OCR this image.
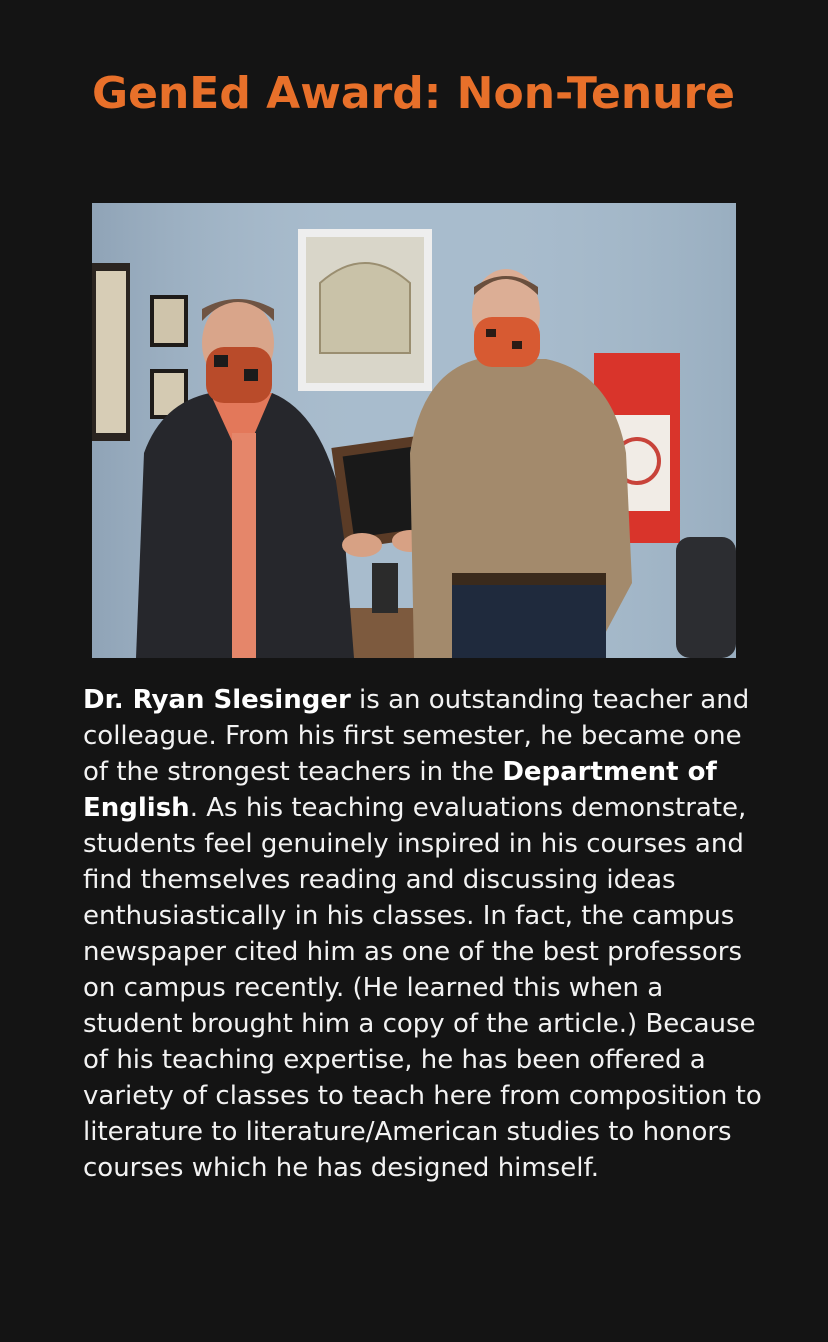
GenEd Award: Non-Tenure

Dr. Ryan Slesinger is an outstanding teacher and colleague. From his first semester, he became one of the strongest teachers in the Department of English. As his teaching evaluations demonstrate, students feel genuinely inspired in his courses and find themselves reading and discussing ideas enthusiastically in his classes. In fact, the campus newspaper cited him as one of the best professors on campus recently. (He learned this when a student brought him a copy of the article.) Because of his teaching expertise, he has been offered a variety of classes to teach here from composition to literature to literature/American studies to honors courses which he has designed himself.
